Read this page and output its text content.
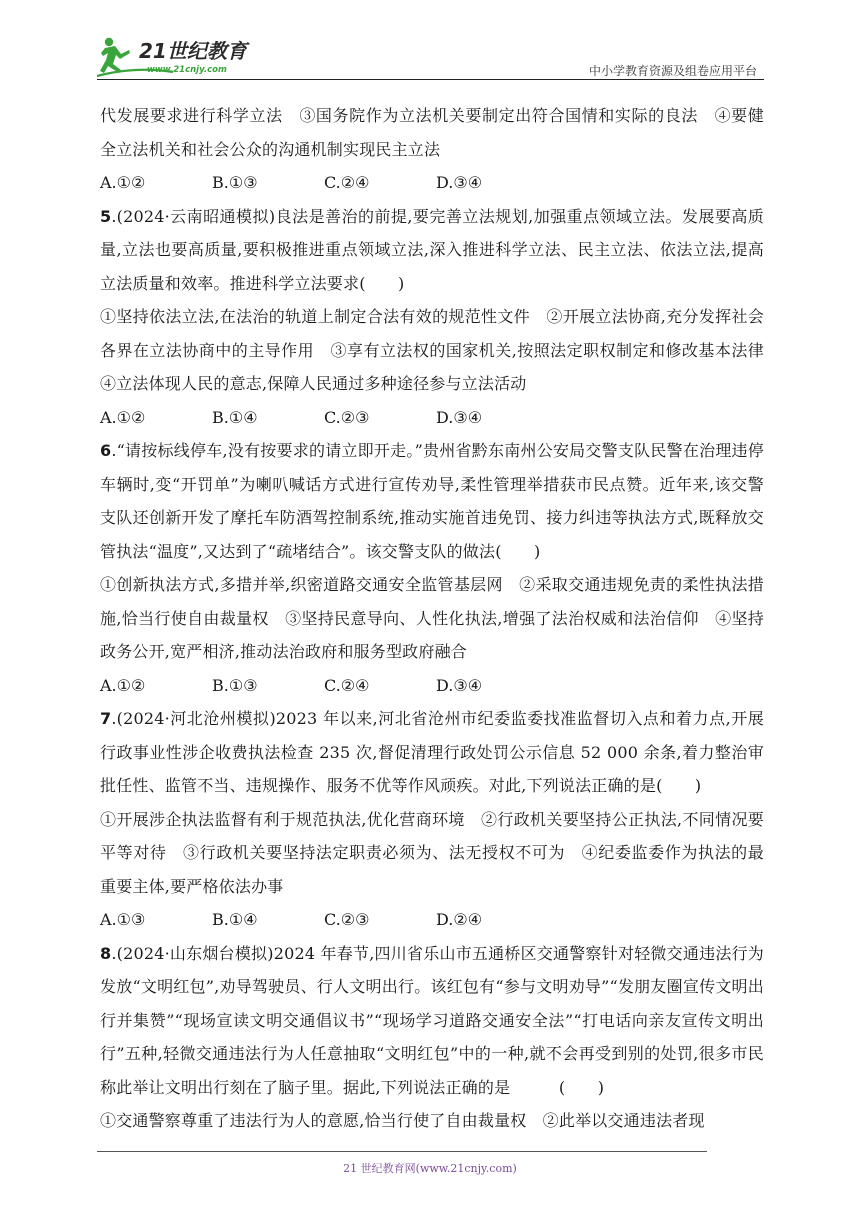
21世纪教育
www.21cnjy.com	中小学教育资源及组卷应用平台

代发展要求进行科学立法　③国务院作为立法机关要制定出符合国情和实际的良法　④要健全立法机关和社会公众的沟通机制实现民主立法

A.①②	B.①③	C.②④	D.③④

5.(2024·云南昭通模拟)良法是善治的前提,要完善立法规划,加强重点领域立法。发展要高质量,立法也要高质量,要积极推进重点领域立法,深入推进科学立法、民主立法、依法立法,提高立法质量和效率。推进科学立法要求(　　)

①坚持依法立法,在法治的轨道上制定合法有效的规范性文件　②开展立法协商,充分发挥社会各界在立法协商中的主导作用　③享有立法权的国家机关,按照法定职权制定和修改基本法律　④立法体现人民的意志,保障人民通过多种途径参与立法活动

A.①②	B.①④	C.②③	D.③④

6.“请按标线停车,没有按要求的请立即开走。”贵州省黔东南州公安局交警支队民警在治理违停车辆时,变“开罚单”为喇叭喊话方式进行宣传劝导,柔性管理举措获市民点赞。近年来,该交警支队还创新开发了摩托车防酒驾控制系统,推动实施首违免罚、接力纠违等执法方式,既释放交管执法“温度”,又达到了“疏堵结合”。该交警支队的做法(　　)

①创新执法方式,多措并举,织密道路交通安全监管基层网　②采取交通违规免责的柔性执法措施,恰当行使自由裁量权　③坚持民意导向、人性化执法,增强了法治权威和法治信仰　④坚持政务公开,宽严相济,推动法治政府和服务型政府融合

A.①②	B.①③	C.②④	D.③④

7.(2024·河北沧州模拟)2023 年以来,河北省沧州市纪委监委找准监督切入点和着力点,开展行政事业性涉企收费执法检查 235 次,督促清理行政处罚公示信息 52 000 余条,着力整治审批任性、监管不当、违规操作、服务不优等作风顽疾。对此,下列说法正确的是(　　)

①开展涉企执法监督有利于规范执法,优化营商环境　②行政机关要坚持公正执法,不同情况要平等对待　③行政机关要坚持法定职责必须为、法无授权不可为　④纪委监委作为执法的最重要主体,要严格依法办事

A.①③	B.①④	C.②③	D.②④

8.(2024·山东烟台模拟)2024 年春节,四川省乐山市五通桥区交通警察针对轻微交通违法行为发放“文明红包”,劝导驾驶员、行人文明出行。该红包有“参与文明劝导”“发朋友圈宣传文明出行并集赞”“现场宣读文明交通倡议书”“现场学习道路交通安全法”“打电话向亲友宣传文明出行”五种,轻微交通违法行为人任意抽取“文明红包”中的一种,就不会再受到别的处罚,很多市民称此举让文明出行刻在了脑子里。据此,下列说法正确的是　　　(　　)

①交通警察尊重了违法行为人的意愿,恰当行使了自由裁量权　②此举以交通违法者现

21 世纪教育网(www.21cnjy.com)
